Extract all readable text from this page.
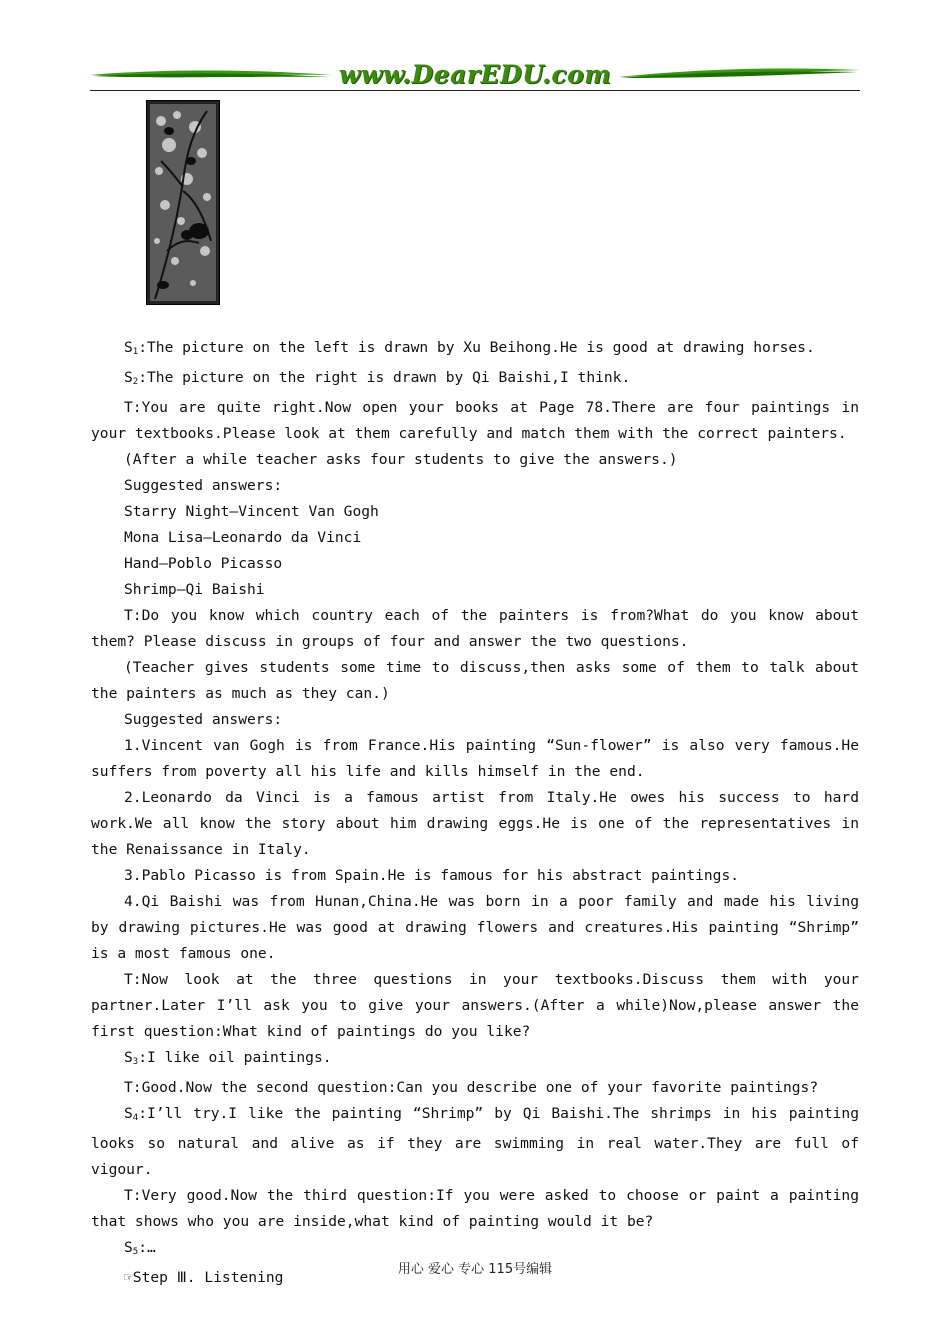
www.DearEDU.com

$S_1:The$ picture on the left is drawn by Xu Beihong.He is good at drawing horses.

$S_2:The$ picture on the right is drawn by Qi Baishi,I think.

T:You are quite right.Now open your books at Page 78.There are four paintings in your textbooks.Please look at them carefully and match them with the correct painters.

(After a while teacher asks four students to give the answers.)

Suggested answers:

Starry Night—Vincent Van Gogh

Mona Lisa—Leonardo da Vinci

Hand—Poblo Picasso

Shrimp—Qi Baishi

T:Do you know which country each of the painters is from?What do you know about them? Please discuss in groups of four and answer the two questions.

(Teacher gives students some time to discuss,then asks some of them to talk about the painters as much as they can.)

Suggested answers:

1.Vincent van Gogh is from France.His painting “Sun-flower” is also very famous.He suffers from poverty all his life and kills himself in the end.

2.Leonardo da Vinci is a famous artist from Italy.He owes his success to hard work.We all know the story about him drawing eggs.He is one of the representatives in the Renaissance in Italy.

3.Pablo Picasso is from Spain.He is famous for his abstract paintings.

4.Qi Baishi was from Hunan,China.He was born in a poor family and made his living by drawing pictures.He was good at drawing flowers and creatures.His painting “Shrimp” is a most famous one.

T:Now look at the three questions in your textbooks.Discuss them with your partner.Later I’ll ask you to give your answers.(After a while)Now,please answer the first question:What kind of paintings do you like?

$S_3:I$ like oil paintings.

T:Good.Now the second question:Can you describe one of your favorite paintings?

$S_4:I’ll$ try.I like the painting “Shrimp” by Qi Baishi.The shrimps in his painting looks so natural and alive as if they are swimming in real water.They are full of vigour.

T:Very good.Now the third question:If you were asked to choose or paint a painting that shows who you are inside,what kind of painting would it be?

$S_5:\dots$

☞Step Ⅲ. Listening	用心 爱心 专心 115号编辑
